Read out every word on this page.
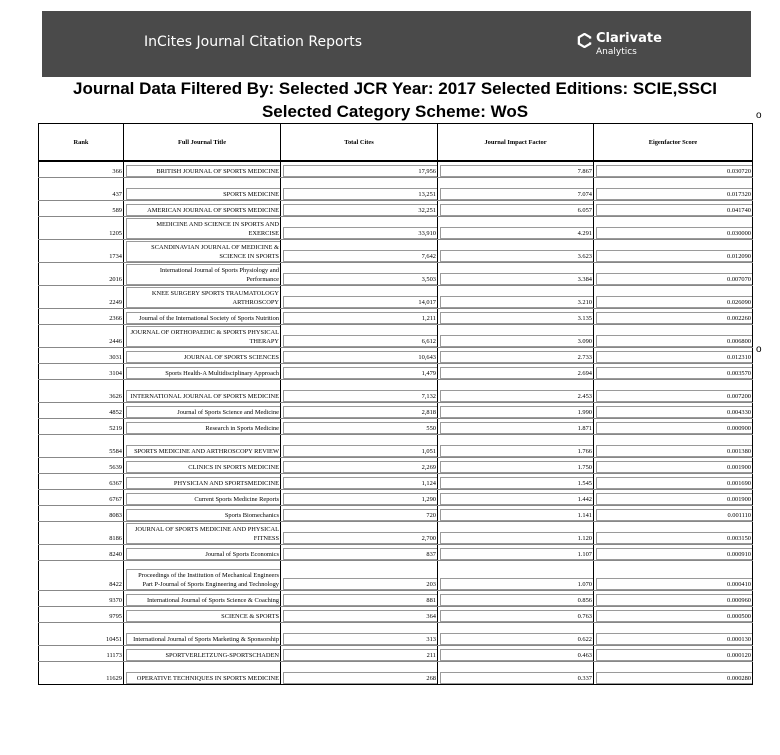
InCites Journal Citation Reports	Clarivate
Analytics
Journal Data Filtered By: Selected JCR Year: 2017 Selected Editions: SCIE,SSCI
Selected Category Scheme: WoS	o
o
Rank	Full Journal Title	Total Cites	Journal Impact Factor	Eigenfactor Score
366	BRITISH JOURNAL OF SPORTS MEDICINE	17,956	7.867	0.030720

437	SPORTS MEDICINE	13,251	7.074	0.017320

589	AMERICAN JOURNAL OF SPORTS MEDICINE	32,251	6.057	0.041740

1205	MEDICINE AND SCIENCE IN SPORTS AND EXERCISE	33,910	4.291	0.030000

1734	SCANDINAVIAN JOURNAL OF MEDICINE & SCIENCE IN SPORTS	7,642	3.623	0.012090

2016	International Journal of Sports Physiology and Performance	3,503	3.384	0.007070

2249	KNEE SURGERY SPORTS TRAUMATOLOGY ARTHROSCOPY	14,017	3.210	0.026090

2366	Journal of the International Society of Sports Nutrition	1,211	3.135	0.002260

2446	JOURNAL OF ORTHOPAEDIC & SPORTS PHYSICAL THERAPY	6,612	3.090	0.006800

3031	JOURNAL OF SPORTS SCIENCES	10,643	2.733	0.012310

3104	Sports Health-A Multidisciplinary Approach	1,479	2.694	0.003570

3626	INTERNATIONAL JOURNAL OF SPORTS MEDICINE	7,132	2.453	0.007200

4852	Journal of Sports Science and Medicine	2,818	1.990	0.004330

5219	Research in Sports Medicine	550	1.871	0.000900

5584	SPORTS MEDICINE AND ARTHROSCOPY REVIEW	1,051	1.766	0.001380

5639	CLINICS IN SPORTS MEDICINE	2,269	1.750	0.001900

6367	PHYSICIAN AND SPORTSMEDICINE	1,124	1.545	0.001690

6767	Current Sports Medicine Reports	1,290	1.442	0.001900

8083	Sports Biomechanics	720	1.141	0.001110

8186	JOURNAL OF SPORTS MEDICINE AND PHYSICAL FITNESS	2,700	1.120	0.003150

8240	Journal of Sports Economics	837	1.107	0.000910

8422	Proceedings of the Institution of Mechanical Engineers Part P-Journal of Sports Engineering and Technology	203	1.070	0.000410

9370	International Journal of Sports Science & Coaching	881	0.856	0.000960

9795	SCIENCE & SPORTS	364	0.763	0.000500

10451	International Journal of Sports Marketing & Sponsorship	313	0.622	0.000130

11173	SPORTVERLETZUNG-SPORTSCHADEN	211	0.463	0.000120

11629	OPERATIVE TECHNIQUES IN SPORTS MEDICINE	268	0.337	0.000280
